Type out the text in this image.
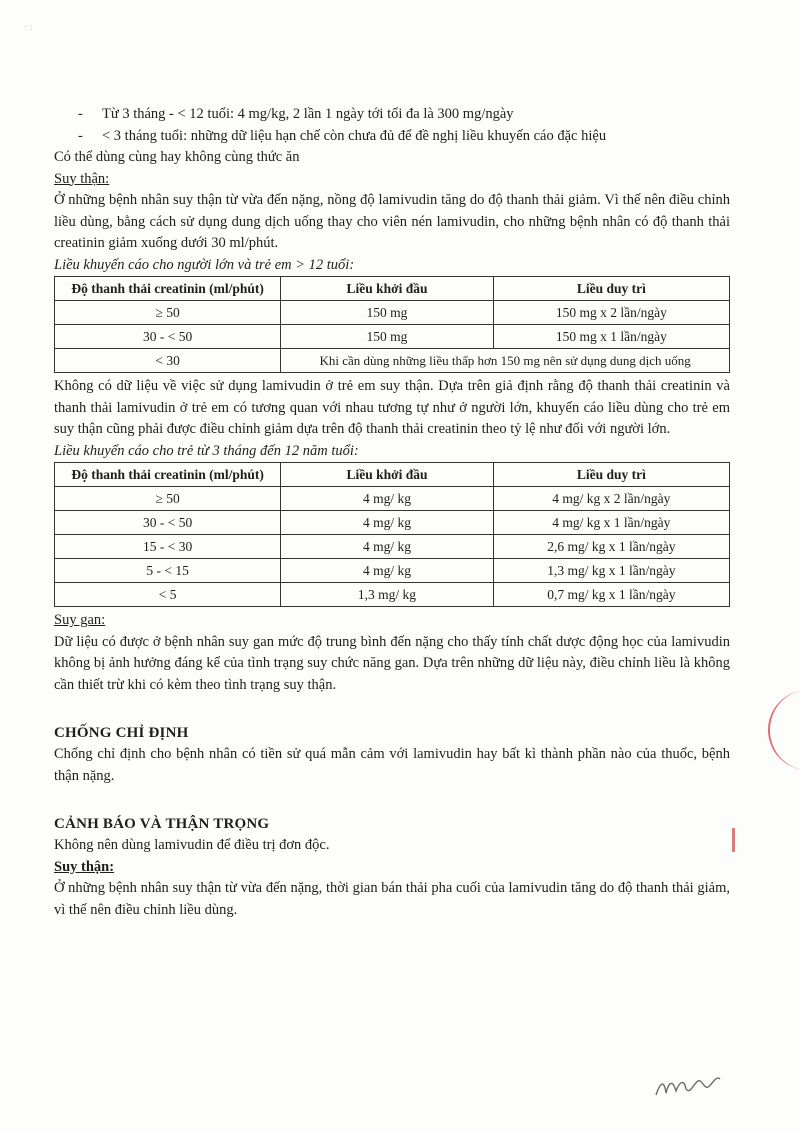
· :
- Từ 3 tháng - < 12 tuổi: 4 mg/kg, 2 lần 1 ngày tới tối đa là 300 mg/ngày
- < 3 tháng tuổi: những dữ liệu hạn chế còn chưa đủ để đề nghị liều khuyến cáo đặc hiệu

Có thể dùng cùng hay không cùng thức ăn

Suy thận:

Ở những bệnh nhân suy thận từ vừa đến nặng, nồng độ lamivudin tăng do độ thanh thải giảm. Vì thế nên điều chỉnh liều dùng, bằng cách sử dụng dung dịch uống thay cho viên nén lamivudin, cho những bệnh nhân có độ thanh thải creatinin giảm xuống dưới 30 ml/phút.

Liều khuyến cáo cho người lớn và trẻ em > 12 tuổi:

Độ thanh thải creatinin (ml/phút)	Liều khởi đầu	Liều duy trì
≥ 50	150 mg	150 mg x 2 lần/ngày
30 - < 50	150 mg	150 mg x 1 lần/ngày
< 30	Khi cần dùng những liều thấp hơn 150 mg nên sử dụng dung dịch uống	

Không có dữ liệu về việc sử dụng lamivudin ở trẻ em suy thận. Dựa trên giả định rằng độ thanh thải creatinin và thanh thải lamivudin ở trẻ em có tương quan với nhau tương tự như ở người lớn, khuyến cáo liều dùng cho trẻ em suy thận cũng phải được điều chỉnh giảm dựa trên độ thanh thải creatinin theo tỷ lệ như đối với người lớn.

Liều khuyến cáo cho trẻ từ 3 tháng đến 12 năm tuổi:

Độ thanh thải creatinin (ml/phút)	Liều khởi đầu	Liều duy trì
≥ 50	4 mg/ kg	4 mg/ kg x 2 lần/ngày
30 - < 50	4 mg/ kg	4 mg/ kg x 1 lần/ngày
15 - < 30	4 mg/ kg	2,6 mg/ kg x 1 lần/ngày
5 - < 15	4 mg/ kg	1,3 mg/ kg x 1 lần/ngày
< 5	1,3 mg/ kg	0,7 mg/ kg x 1 lần/ngày

Suy gan:

Dữ liệu có được ở bệnh nhân suy gan mức độ trung bình đến nặng cho thấy tính chất dược động học của lamivudin không bị ảnh hưởng đáng kể của tình trạng suy chức năng gan. Dựa trên những dữ liệu này, điều chỉnh liều là không cần thiết trừ khi có kèm theo tình trạng suy thận.

CHỐNG CHỈ ĐỊNH

Chống chỉ định cho bệnh nhân có tiền sử quá mẫn cảm với lamivudin hay bất kì thành phần nào của thuốc, bệnh thận nặng.

CẢNH BÁO VÀ THẬN TRỌNG

Không nên dùng lamivudin để điều trị đơn độc.

Suy thận:

Ở những bệnh nhân suy thận từ vừa đến nặng, thời gian bán thải pha cuối của lamivudin tăng do độ thanh thải giảm, vì thế nên điều chỉnh liều dùng.
